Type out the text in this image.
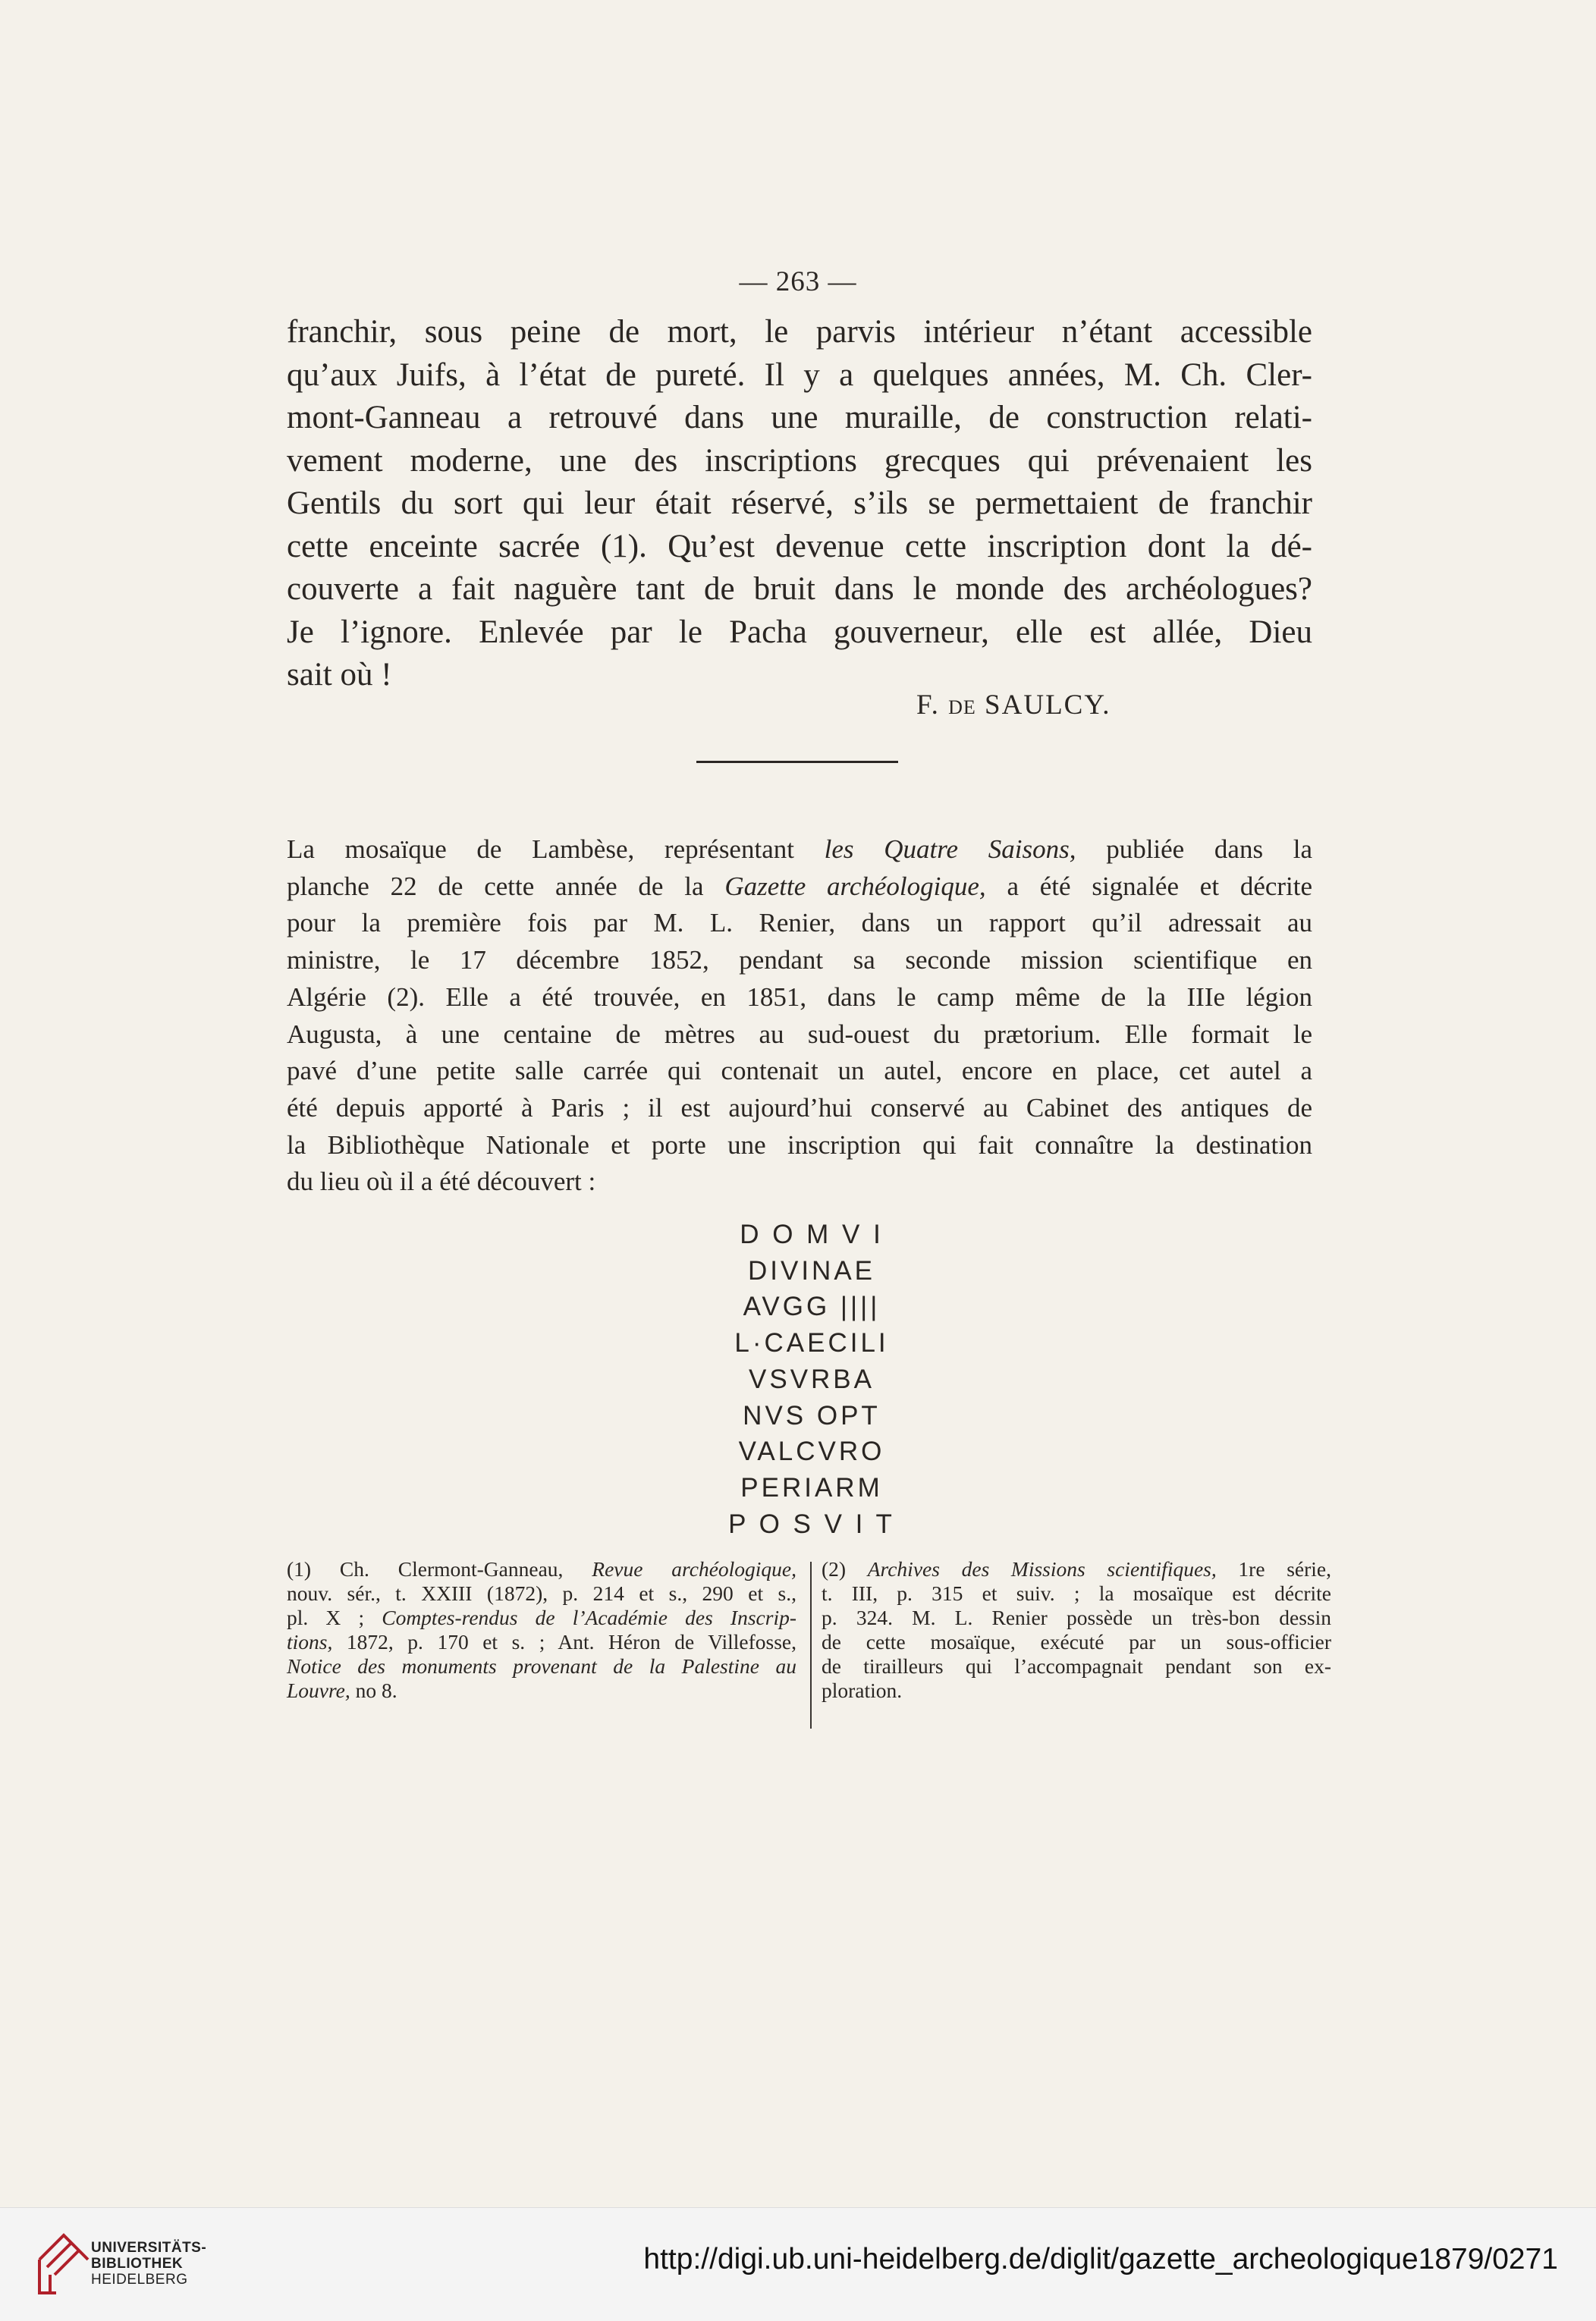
— 263 —

franchir, sous peine de mort, le parvis intérieur n’étant accessible

qu’aux Juifs, à l’état de pureté. Il y a quelques années, M. Ch. Cler-

mont-Ganneau a retrouvé dans une muraille, de construction relati-

vement moderne, une des inscriptions grecques qui prévenaient les

Gentils du sort qui leur était réservé, s’ils se permettaient de franchir

cette enceinte sacrée (1). Qu’est devenue cette inscription dont la dé-

couverte a fait naguère tant de bruit dans le monde des archéologues?

Je l’ignore. Enlevée par le Pacha gouverneur, elle est allée, Dieu

sait où !

F. DE SAULCY.

La mosaïque de Lambèse, représentant les Quatre Saisons, publiée dans la

planche 22 de cette année de la Gazette archéologique, a été signalée et décrite

pour la première fois par M. L. Renier, dans un rapport qu’il adressait au

ministre, le 17 décembre 1852, pendant sa seconde mission scientifique en

Algérie (2). Elle a été trouvée, en 1851, dans le camp même de la IIIe légion

Augusta, à une centaine de mètres au sud-ouest du prætorium. Elle formait le

pavé d’une petite salle carrée qui contenait un autel, encore en place, cet autel a

été depuis apporté à Paris ; il est aujourd’hui conservé au Cabinet des antiques de

la Bibliothèque Nationale et porte une inscription qui fait connaître la destination

du lieu où il a été découvert :

D O M V I
DIVINAE
AVGG ||||
L·CAECILI
VSVRBA
NVS OPT
VALCVRO
PERIARM
P O S V I T

(1) Ch. Clermont-Ganneau, Revue archéologique,

nouv. sér., t. XXIII (1872), p. 214 et s., 290 et s.,

pl. X ; Comptes-rendus de l’Académie des Inscrip-

tions, 1872, p. 170 et s. ; Ant. Héron de Villefosse,

Notice des monuments provenant de la Palestine au

Louvre, no 8.

(2) Archives des Missions scientifiques, 1re série,

t. III, p. 315 et suiv. ; la mosaïque est décrite

p. 324. M. L. Renier possède un très-bon dessin

de cette mosaïque, exécuté par un sous-officier

de tirailleurs qui l’accompagnait pendant son ex-

ploration.

UNIVERSITÄTS-
BIBLIOTHEK
HEIDELBERG
http://digi.ub.uni-heidelberg.de/diglit/gazette_archeologique1879/0271
